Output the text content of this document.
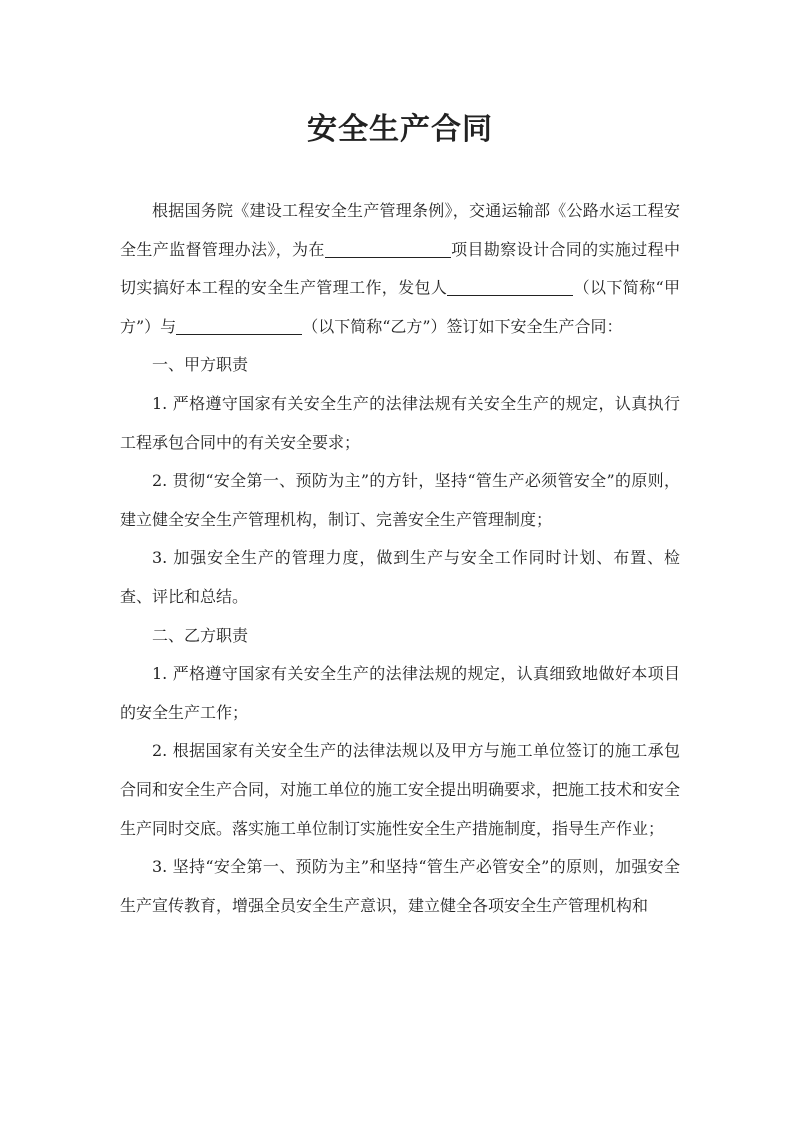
安全生产合同

根据国务院《建设工程安全生产管理条例》，交通运输部《公路水运工程安全生产监督管理办法》，为在	项目勘察设计合同的实施过程中切实搞好本工程的安全生产管理工作，发包人	（以下简称“甲方”）与	（以下简称“乙方”）签订如下安全生产合同：

一、甲方职责

1. 严格遵守国家有关安全生产的法律法规有关安全生产的规定，认真执行工程承包合同中的有关安全要求；

2. 贯彻“安全第一、预防为主”的方针，坚持“管生产必须管安全”的原则，建立健全安全生产管理机构，制订、完善安全生产管理制度；

3. 加强安全生产的管理力度，做到生产与安全工作同时计划、布置、检查、评比和总结。

二、乙方职责

1. 严格遵守国家有关安全生产的法律法规的规定，认真细致地做好本项目的安全生产工作；

2. 根据国家有关安全生产的法律法规以及甲方与施工单位签订的施工承包合同和安全生产合同，对施工单位的施工安全提出明确要求，把施工技术和安全生产同时交底。落实施工单位制订实施性安全生产措施制度，指导生产作业；

3. 坚持“安全第一、预防为主”和坚持“管生产必管安全”的原则，加强安全生产宣传教育，增强全员安全生产意识，建立健全各项安全生产管理机构和
